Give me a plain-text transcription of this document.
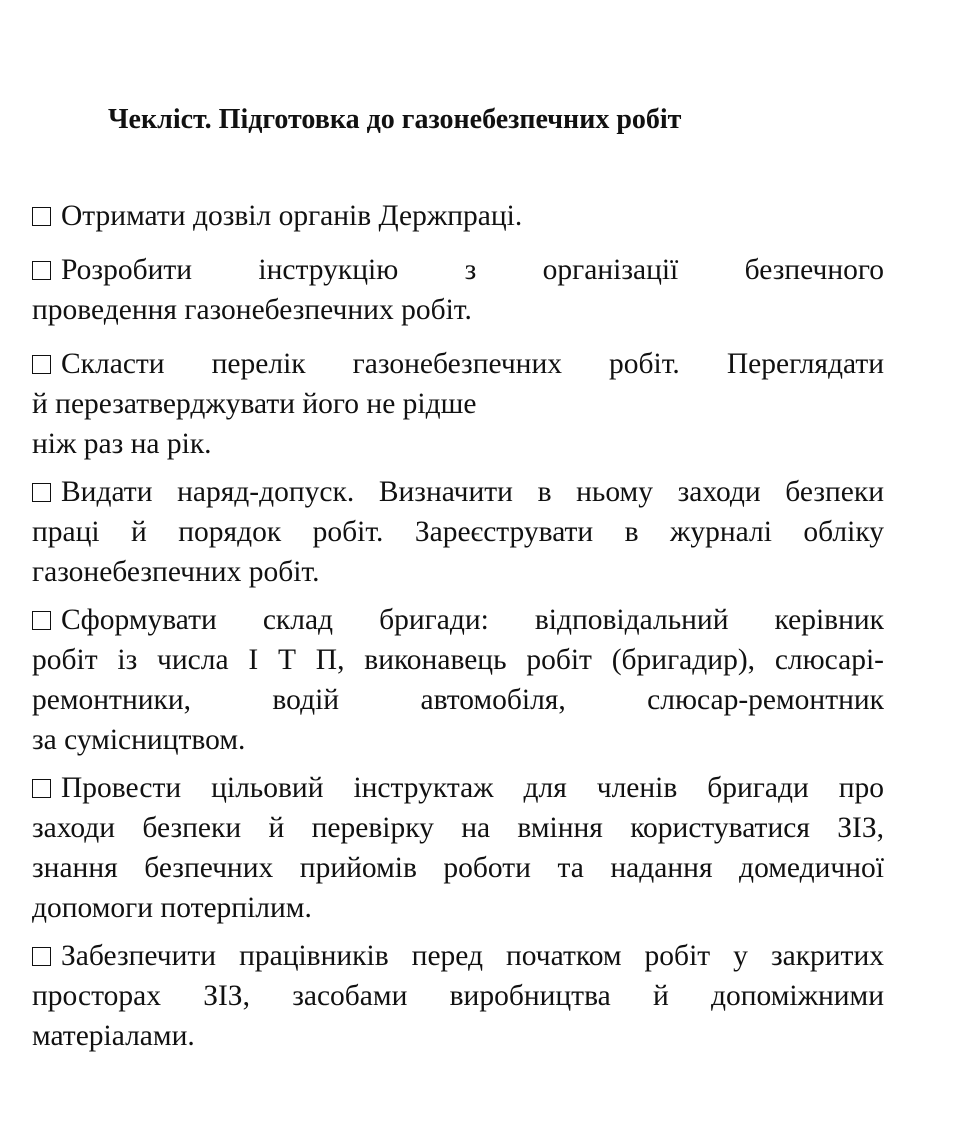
Чекліст. Підготовка до газонебезпечних робіт
Отримати дозвіл органів Держпраці.
Розробити інструкцію з організації безпечного
проведення газонебезпечних робіт.
Скласти перелік газонебезпечних робіт. Переглядати
й перезатверджувати його не рідше
ніж раз на рік.
Видати наряд-допуск. Визначити в ньому заходи безпеки
праці й порядок робіт. Зареєструвати в журналі обліку
газонебезпечних робіт.
Сформувати склад бригади: відповідальний керівник
робіт із числа І Т П, виконавець робіт (бригадир), слюсарі-
ремонтники, водій автомобіля, слюсар-ремонтник
за сумісництвом.
Провести цільовий інструктаж для членів бригади про
заходи безпеки й перевірку на вміння користуватися ЗІЗ,
знання безпечних прийомів роботи та надання домедичної
допомоги потерпілим.
Забезпечити працівників перед початком робіт у закритих
просторах ЗІЗ, засобами виробництва й допоміжними
матеріалами.
